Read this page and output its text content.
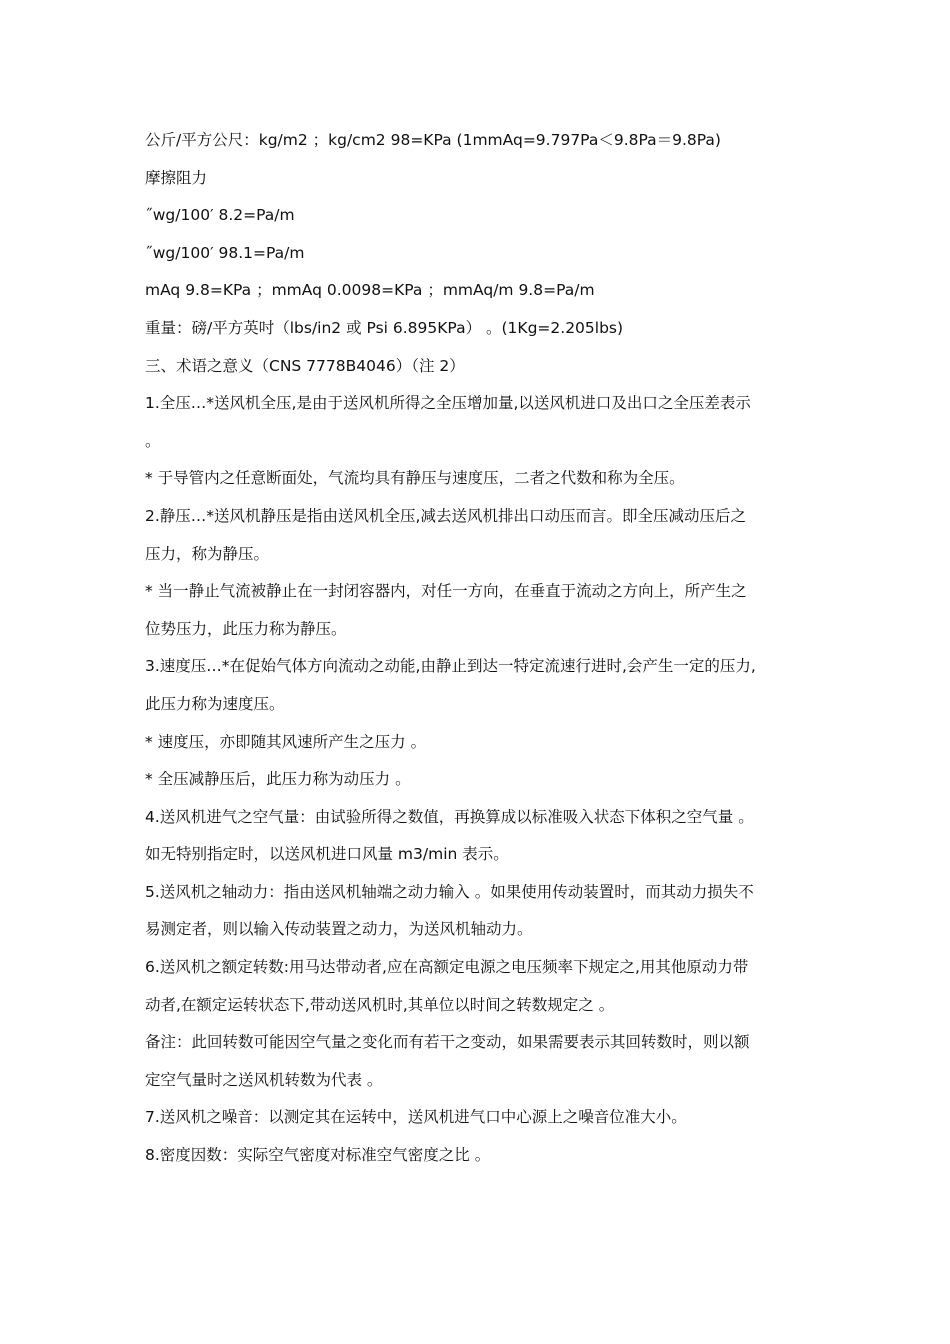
公斤/平方公尺：kg/m2 ；kg/cm2 98=KPa (1mmAq=9.797Pa＜9.8Pa＝9.8Pa)
摩擦阻力
˝wg/100′ 8.2=Pa/m
˝wg/100′ 98.1=Pa/m
mAq 9.8=KPa ；mmAq 0.0098=KPa ；mmAq/m 9.8=Pa/m
重量：磅/平方英吋（lbs/in2 或 Psi 6.895KPa） 。(1Kg=2.205lbs)
三、术语之意义（CNS 7778B4046）（注 2）
1.全压…*送风机全压,是由于送风机所得之全压增加量,以送风机进口及出口之全压差表示
。
* 于导管内之任意断面处，气流均具有静压与速度压，二者之代数和称为全压。
2.静压…*送风机静压是指由送风机全压,减去送风机排出口动压而言。即全压减动压后之
压力，称为静压。
* 当一静止气流被静止在一封闭容器内，对任一方向，在垂直于流动之方向上，所产生之
位势压力，此压力称为静压。
3.速度压…*在促始气体方向流动之动能,由静止到达一特定流速行进时,会产生一定的压力,
此压力称为速度压。
* 速度压，亦即随其风速所产生之压力 。
* 全压减静压后，此压力称为动压力 。
4.送风机进气之空气量：由试验所得之数值，再换算成以标准吸入状态下体积之空气量 。
如无特别指定时，以送风机进口风量 m3/min 表示。
5.送风机之轴动力：指由送风机轴端之动力输入 。如果使用传动装置时，而其动力损失不
易测定者，则以输入传动装置之动力，为送风机轴动力。
6.送风机之额定转数:用马达带动者,应在高额定电源之电压频率下规定之,用其他原动力带
动者,在额定运转状态下,带动送风机时,其单位以时间之转数规定之 。
备注：此回转数可能因空气量之变化而有若干之变动，如果需要表示其回转数时，则以额
定空气量时之送风机转数为代表 。
7.送风机之噪音：以测定其在运转中，送风机进气口中心源上之噪音位准大小。
8.密度因数：实际空气密度对标准空气密度之比 。
